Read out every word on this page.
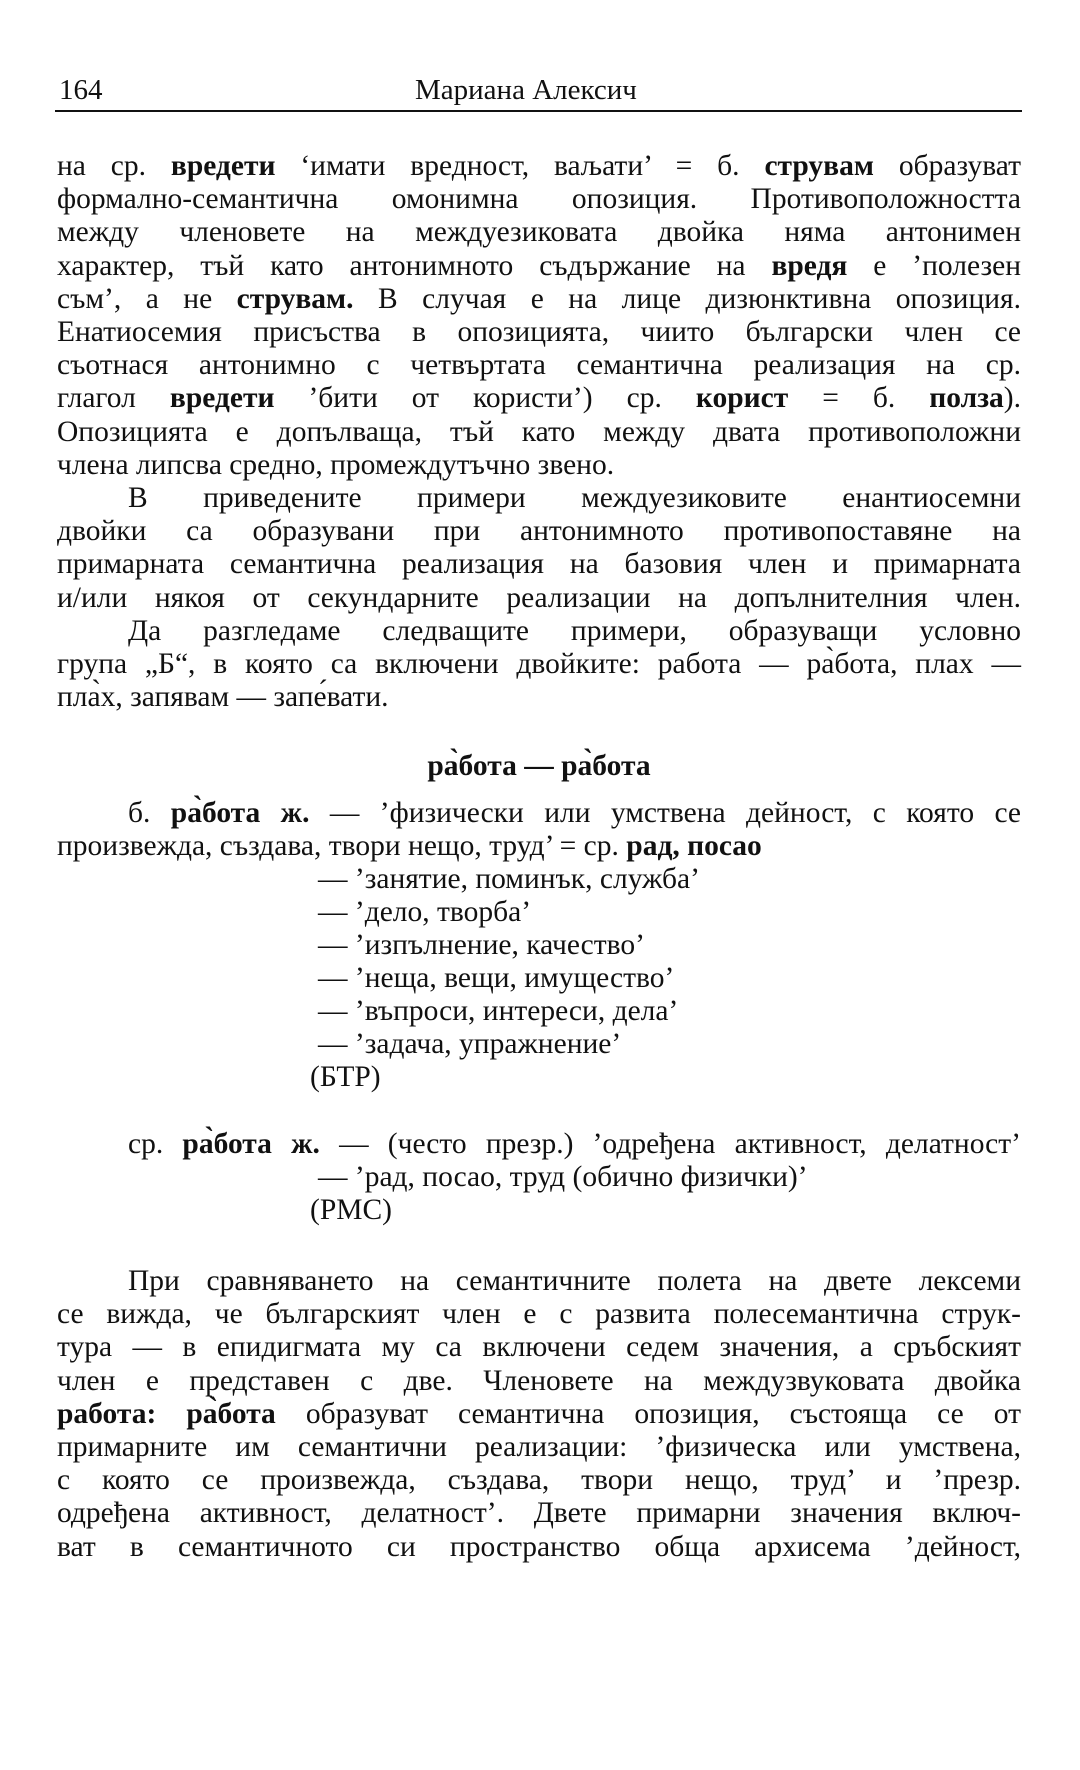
164	Мариана Алексич
на ср. вредети ‘имати вредност, ваљати’ = б. струвам образуват
формално-семантична омонимна опозиция. Противоположността
между членовете на междуезиковата двойка няма антонимен
характер, тъй като антонимното съдържание на вредя е ’полезен
съм’, а не струвам. В случая е на лице дизюнктивна опозиция.
Енатиосемия присъства в опозицията, чиито български член се
съотнася антонимно с четвъртата семантична реализация на ср.
глагол вредети ’бити от користи’) ср. корист = б. полза).
Опозицията е допълваща, тъй като между двата противоположни
члена липсва средно, промеждутъчно звено.
В приведените примери междуезиковите енантиосемни
двойки са образувани при антонимното противопоставяне на
примарната семантична реализация на базовия член и примарната
и/или някоя от секундарните реализации на допълнителния член.
Да разгледаме следващите примери, образуващи условно
група „Б“, в която са включени двойките: работа — ра̀бота, плах —
пла̀х, запявам — запе́вати.
ра̀бота — ра̀бота
б. ра̀бота ж. — ’физически или умствена дейност, с която се
произвежда, създава, твори нещо, труд’ = ср. рад, посао
— ’занятие, поминък, служба’
— ’дело, творба’
— ’изпълнение, качество’
— ’неща, вещи, имущество’
— ’въпроси, интереси, дела’
— ’задача, упражнение’
(БТР)
ср. ра̀бота ж. — (често презр.) ’одређена активност, делатност’
— ’рад, посао, труд (обично физички)’
(РМС)
При сравняването на семантичните полета на двете лексеми
се вижда, че българският член е с развита полесемантична струк-
тура — в епидигмата му са включени седем значения, а сръбският
член е представен с две. Членовете на междузвуковата двойка
работа: ра̀бота образуват семантична опозиция, състояща се от
примарните им семантични реализации: ’физическа или умствена,
с която се произвежда, създава, твори нещо, труд’ и ’презр.
одређена активност, делатност’. Двете примарни значения включ-
ват в семантичното си пространство обща архисема ’дейност,
